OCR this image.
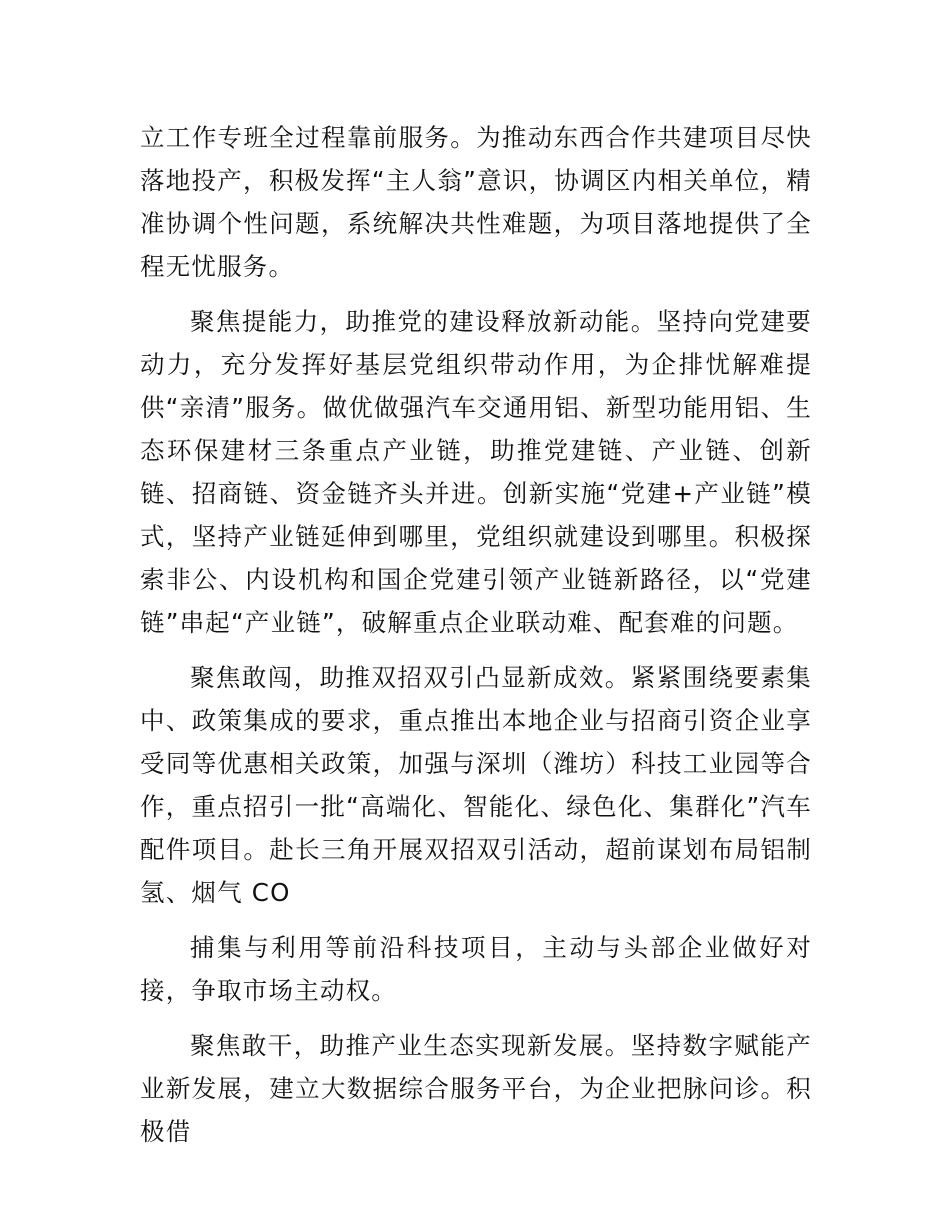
立工作专班全过程靠前服务。为推动东西合作共建项目尽快落地投产，积极发挥“主人翁”意识，协调区内相关单位，精准协调个性问题，系统解决共性难题，为项目落地提供了全程无忧服务。

聚焦提能力，助推党的建设释放新动能。坚持向党建要动力，充分发挥好基层党组织带动作用，为企排忧解难提供“亲清”服务。做优做强汽车交通用铝、新型功能用铝、生态环保建材三条重点产业链，助推党建链、产业链、创新链、招商链、资金链齐头并进。创新实施“党建+产业链”模式，坚持产业链延伸到哪里，党组织就建设到哪里。积极探索非公、内设机构和国企党建引领产业链新路径，以“党建链”串起“产业链”，破解重点企业联动难、配套难的问题。

聚焦敢闯，助推双招双引凸显新成效。紧紧围绕要素集中、政策集成的要求，重点推出本地企业与招商引资企业享受同等优惠相关政策，加强与深圳（潍坊）科技工业园等合作，重点招引一批“高端化、智能化、绿色化、集群化”汽车配件项目。赴长三角开展双招双引活动，超前谋划布局铝制氢、烟气 CO

捕集与利用等前沿科技项目，主动与头部企业做好对接，争取市场主动权。

聚焦敢干，助推产业生态实现新发展。坚持数字赋能产业新发展，建立大数据综合服务平台，为企业把脉问诊。积极借
